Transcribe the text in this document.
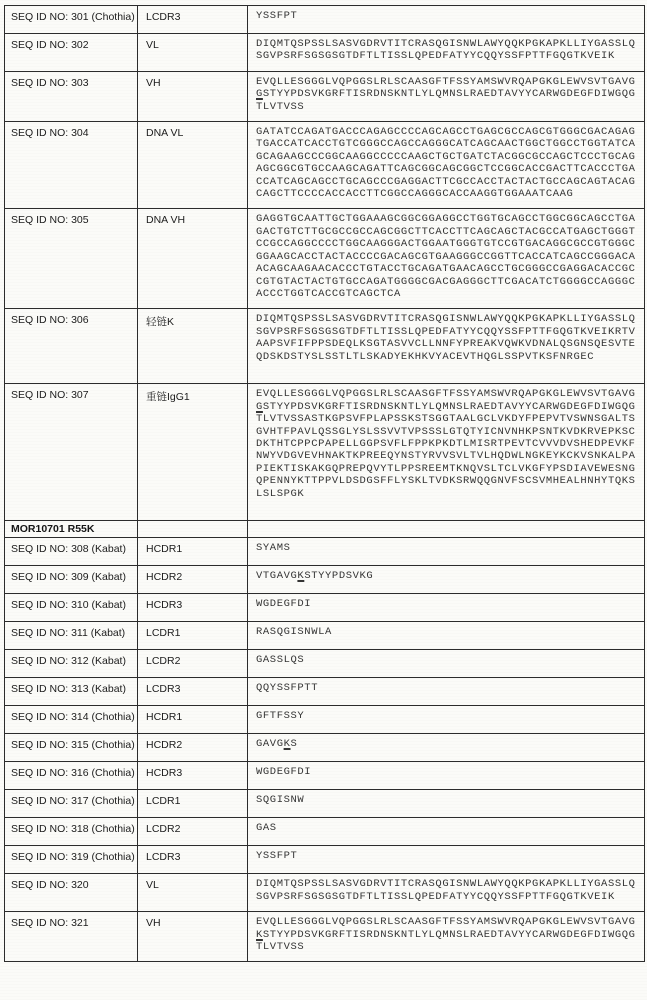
SEQ ID NO: 301 (Chothia)	LCDR3	YSSFPT

SEQ ID NO: 302	VL	DIQMTQSPSSLSASVGDRVTITCRASQGISNWLAWYQQKPGKAPKLLIYGASSLQ
SGVPSRFSGSGSGTDFTLTISSLQPEDFATYYCQQYSSFPTTFGQGTKVEIK

SEQ ID NO: 303	VH	EVQLLESGGGLVQPGGSLRLSCAASGFTFSSYAMSWVRQAPGKGLEWVSVTGAVG
GSTYYPDSVKGRFTISRDNSKNTLYLQMNSLRAEDTAVYYCARWGDEGFDIWGQG
TLVTVSS

SEQ ID NO: 304	DNA VL	GATATCCAGATGACCCAGAGCCCCAGCAGCCTGAGCGCCAGCGTGGGCGACAGAG
TGACCATCACCTGTCGGGCCAGCCAGGGCATCAGCAACTGGCTGGCCTGGTATCA
GCAGAAGCCCGGCAAGGCCCCCAAGCTGCTGATCTACGGCGCCAGCTCCCTGCAG
AGCGGCGTGCCAAGCAGATTCAGCGGCAGCGGCTCCGGCACCGACTTCACCCTGA
CCATCAGCAGCCTGCAGCCCGAGGACTTCGCCACCTACTACTGCCAGCAGTACAG
CAGCTTCCCCACCACCTTCGGCCAGGGCACCAAGGTGGAAATCAAG

SEQ ID NO: 305	DNA VH	GAGGTGCAATTGCTGGAAAGCGGCGGAGGCCTGGTGCAGCCTGGCGGCAGCCTGA
GACTGTCTTGCGCCGCCAGCGGCTTCACCTTCAGCAGCTACGCCATGAGCTGGGT
CCGCCAGGCCCCTGGCAAGGGACTGGAATGGGTGTCCGTGACAGGCGCCGTGGGC
GGAAGCACCTACTACCCCGACAGCGTGAAGGGCCGGTTCACCATCAGCCGGGACA
ACAGCAAGAACACCCTGTACCTGCAGATGAACAGCCTGCGGGCCGAGGACACCGC
CGTGTACTACTGTGCCAGATGGGGCGACGAGGGCTTCGACATCTGGGGCCAGGGC
ACCCTGGTCACCGTCAGCTCA

SEQ ID NO: 306	轻链K	DIQMTQSPSSLSASVGDRVTITCRASQGISNWLAWYQQKPGKAPKLLIYGASSLQ
SGVPSRFSGSGSGTDFTLTISSLQPEDFATYYCQQYSSFPTTFGQGTKVEIKRTV
AAPSVFIFPPSDEQLKSGTASVVCLLNNFYPREAKVQWKVDNALQSGNSQESVTE
QDSKDSTYSLSSTLTLSKADYEKHKVYACEVTHQGLSSPVTKSFNRGEC

SEQ ID NO: 307	重链IgG1	EVQLLESGGGLVQPGGSLRLSCAASGFTFSSYAMSWVRQAPGKGLEWVSVTGAVG
GSTYYPDSVKGRFTISRDNSKNTLYLQMNSLRAEDTAVYYCARWGDEGFDIWGQG
TLVTVSSASTKGPSVFPLAPSSKSTSGGTAALGCLVKDYFPEPVTVSWNSGALTS
GVHTFPAVLQSSGLYSLSSVVTVPSSSLGTQTYICNVNHKPSNTKVDKRVEPKSC
DKTHTCPPCPAPELLGGPSVFLFPPKPKDTLMISRTPEVTCVVVDVSHEDPEVKF
NWYVDGVEVHNAKTKPREEQYNSTYRVVSVLTVLHQDWLNGKEYKCKVSNKALPA
PIEKTISKAKGQPREPQVYTLPPSREEMTKNQVSLTCLVKGFYPSDIAVEWESNG
QPENNYKTTPPVLDSDGSFFLYSKLTVDKSRWQQGNVFSCSVMHEALHNHYTQKS
LSLSPGK

MOR10701 R55K		
SEQ ID NO: 308 (Kabat)	HCDR1	SYAMS

SEQ ID NO: 309 (Kabat)	HCDR2	VTGAVGKSTYYPDSVKG

SEQ ID NO: 310 (Kabat)	HCDR3	WGDEGFDI

SEQ ID NO: 311 (Kabat)	LCDR1	RASQGISNWLA

SEQ ID NO: 312 (Kabat)	LCDR2	GASSLQS

SEQ ID NO: 313 (Kabat)	LCDR3	QQYSSFPTT

SEQ ID NO: 314 (Chothia)	HCDR1	GFTFSSY

SEQ ID NO: 315 (Chothia)	HCDR2	GAVGKS

SEQ ID NO: 316 (Chothia)	HCDR3	WGDEGFDI

SEQ ID NO: 317 (Chothia)	LCDR1	SQGISNW

SEQ ID NO: 318 (Chothia)	LCDR2	GAS

SEQ ID NO: 319 (Chothia)	LCDR3	YSSFPT

SEQ ID NO: 320	VL	DIQMTQSPSSLSASVGDRVTITCRASQGISNWLAWYQQKPGKAPKLLIYGASSLQ
SGVPSRFSGSGSGTDFTLTISSLQPEDFATYYCQQYSSFPTTFGQGTKVEIK

SEQ ID NO: 321	VH	EVQLLESGGGLVQPGGSLRLSCAASGFTFSSYAMSWVRQAPGKGLEWVSVTGAVG
KSTYYPDSVKGRFTISRDNSKNTLYLQMNSLRAEDTAVYYCARWGDEGFDIWGQG
TLVTVSS
